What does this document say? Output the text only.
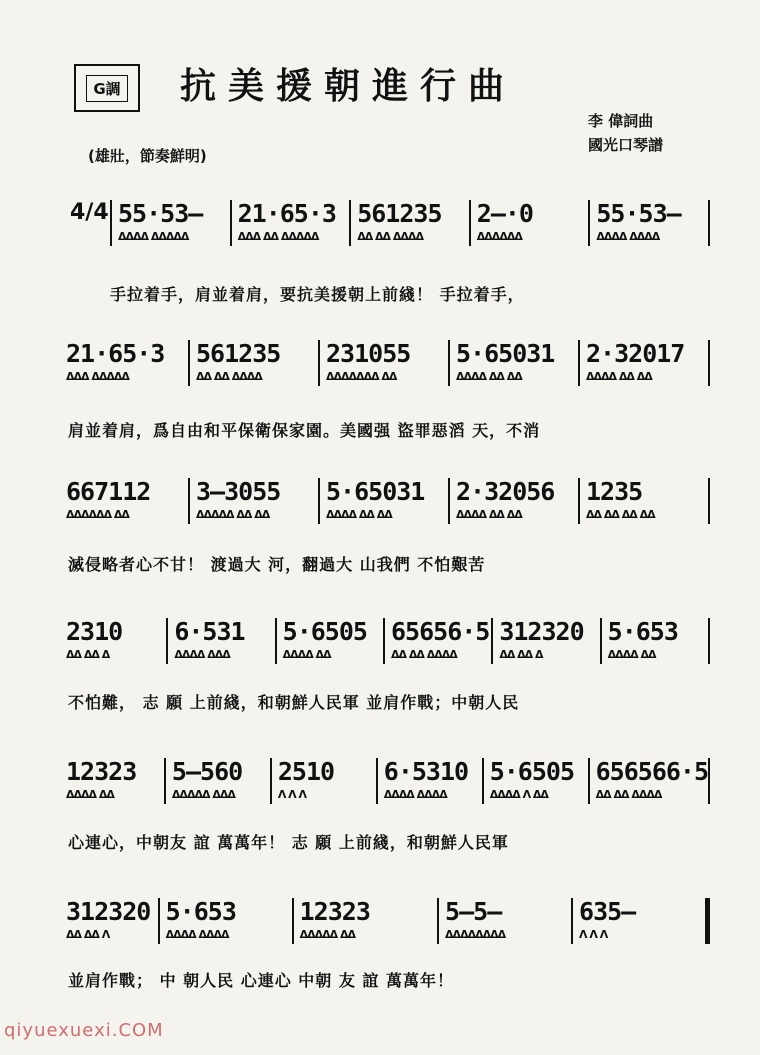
G調 抗美援朝進行曲
李 偉詞曲
國光口琴譜
(雄壯，節奏鮮明)
4/4 55·53—
ΔΔΔΔ ΔΔΔΔΔ
21·65·3
ΔΔΔ ΔΔ ΔΔΔΔΔ
561235
ΔΔ ΔΔ ΔΔΔΔ
2—·0
ΔΔΔΔΔΔ
55·53—
ΔΔΔΔ ΔΔΔΔ
手拉着手，肩並着肩，要抗美援朝上前綫！ 手拉着手，
21·65·3
ΔΔΔ ΔΔΔΔΔ
561235
ΔΔ ΔΔ ΔΔΔΔ
231055
ΔΔΔΔΔΔΔ ΔΔ
5·65031
ΔΔΔΔ ΔΔ ΔΔ
2·32017
ΔΔΔΔ ΔΔ ΔΔ
肩並着肩，爲自由和平保衛保家園。美國强 盜罪惡滔 天，不消
667112
ΔΔΔΔΔΔ ΔΔ
3—3055
ΔΔΔΔΔ ΔΔ ΔΔ
5·65031
ΔΔΔΔ ΔΔ ΔΔ
2·32056
ΔΔΔΔ ΔΔ ΔΔ
1235
ΔΔ ΔΔ ΔΔ ΔΔ
滅侵略者心不甘！ 渡過大 河，翻過大 山我們 不怕艱苦
2310
ΔΔ ΔΔ Δ
6·531
ΔΔΔΔ ΔΔΔ
5·6505
ΔΔΔΔ ΔΔ
65656·5
ΔΔ ΔΔ ΔΔΔΔ
312320
ΔΔ ΔΔ Δ
5·653
ΔΔΔΔ ΔΔ
不怕難， 志 願 上前綫，和朝鮮人民軍 並肩作戰；中朝人民
12323
ΔΔΔΔ ΔΔ
5—560
ΔΔΔΔΔ ΔΔΔ
2510
Λ Λ Λ
6·5310
ΔΔΔΔ ΔΔΔΔ
5·6505
ΔΔΔΔ Λ ΔΔ
656566·5
ΔΔ ΔΔ ΔΔΔΔ
心連心，中朝友 誼 萬萬年！ 志 願 上前綫，和朝鮮人民軍
312320
ΔΔ ΔΔ Λ
5·653
ΔΔΔΔ ΔΔΔΔ
12323
ΔΔΔΔΔ ΔΔ
5—5—
ΔΔΔΔΔΔΔΔ
635—
Λ Λ Λ
並肩作戰； 中 朝人民 心連心 中朝 友 誼 萬萬年！
qiyuexuexi.COM
